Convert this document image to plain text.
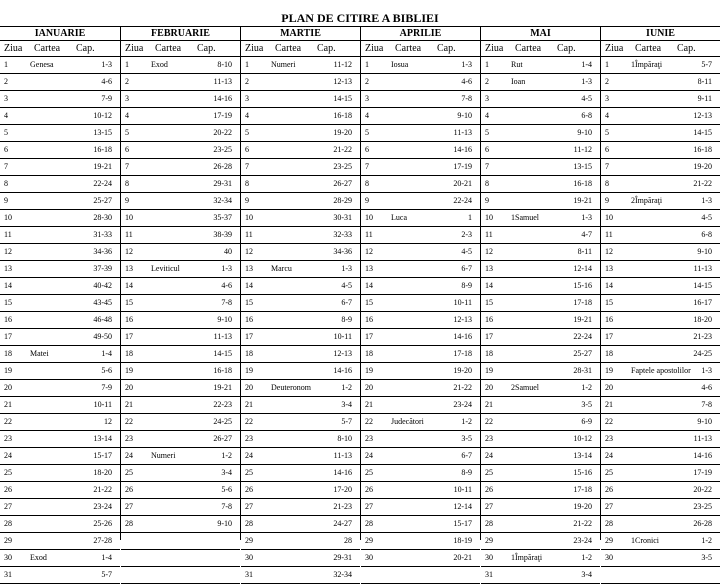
PLAN DE CITIRE A BIBLIEI
IANUARIE
Ziua Cartea Cap.
1	Genesa	1-3
2	4-6
3	7-9
4	10-12
5	13-15
6	16-18
7	19-21
8	22-24
9	25-27
10	28-30
11	31-33
12	34-36
13	37-39
14	40-42
15	43-45
16	46-48
17	49-50
18 Matei	1-4
19	5-6
20	7-9
21	10-11
22	12
23	13-14
24	15-17
25	18-20
26	21-22
27	23-24
28	25-26
29	27-28
30 Exod	1-4
31	5-7
FEBRUARIE
Ziua Cartea Cap.
1	Exod	8-10
2	11-13
3	14-16
4	17-19
5	20-22
6	23-25
7	26-28
8	29-31
9	32-34
10	35-37
11	38-39
12	40
13 Leviticul	1-3
14	4-6
15	7-8
16	9-10
17	11-13
18	14-15
19	16-18
20	19-21
21	22-23
22	24-25
23	26-27
24 Numeri	1-2
25	3-4
26	5-6
27	7-8
28	9-10
MARTIE
Ziua Cartea Cap.
1	Numeri	11-12
2	12-13
3	14-15
4	16-18
5	19-20
6	21-22
7	23-25
8	26-27
9	28-29
10	30-31
11	32-33
12	34-36
13 Marcu	1-3
14	4-5
15	6-7
16	8-9
17	10-11
18	12-13
19	14-16
20 Deuteronom	1-2
21	3-4
22	5-7
23	8-10
24	11-13
25	14-16
26	17-20
27	21-23
28	24-27
29	28
30	29-31
31	32-34
APRILIE
Ziua Cartea Cap.
1	Iosua	1-3
2	4-6
3	7-8
4	9-10
5	11-13
6	14-16
7	17-19
8	20-21
9	22-24
10 Luca	1
11	2-3
12	4-5
13	6-7
14	8-9
15	10-11
16	12-13
17	14-16
18	17-18
19	19-20
20	21-22
21	23-24
22 Judecători	1-2
23	3-5
24	6-7
25	8-9
26	10-11
27	12-14
28	15-17
29	18-19
30	20-21
MAI
Ziua Cartea Cap.
1	Rut	1-4
2	Ioan	1-3
3	4-5
4	6-8
5	9-10
6	11-12
7	13-15
8	16-18
9	19-21
10 1Samuel	1-3
11	4-7
12	8-11
13	12-14
14	15-16
15	17-18
16	19-21
17	22-24
18	25-27
19	28-31
20 2Samuel	1-2
21	3-5
22	6-9
23	10-12
24	13-14
25	15-16
26	17-18
27	19-20
28	21-22
29	23-24
30 1Împăraţi	1-2
31	3-4
IUNIE
Ziua Cartea Cap.
1	1Împăraţi	5-7
2	8-11
3	9-11
4	12-13
5	14-15
6	16-18
7	19-20
8	21-22
9	2Împăraţi	1-3
10	4-5
11	6-8
12	9-10
13	11-13
14	14-15
15	16-17
16	18-20
17	21-23
18	24-25
19 Faptele apostolilor 1-3
20	4-6
21	7-8
22	9-10
23	11-13
24	14-16
25	17-19
26	20-22
27	23-25
28	26-28
29 1Cronici	1-2
30	3-5
